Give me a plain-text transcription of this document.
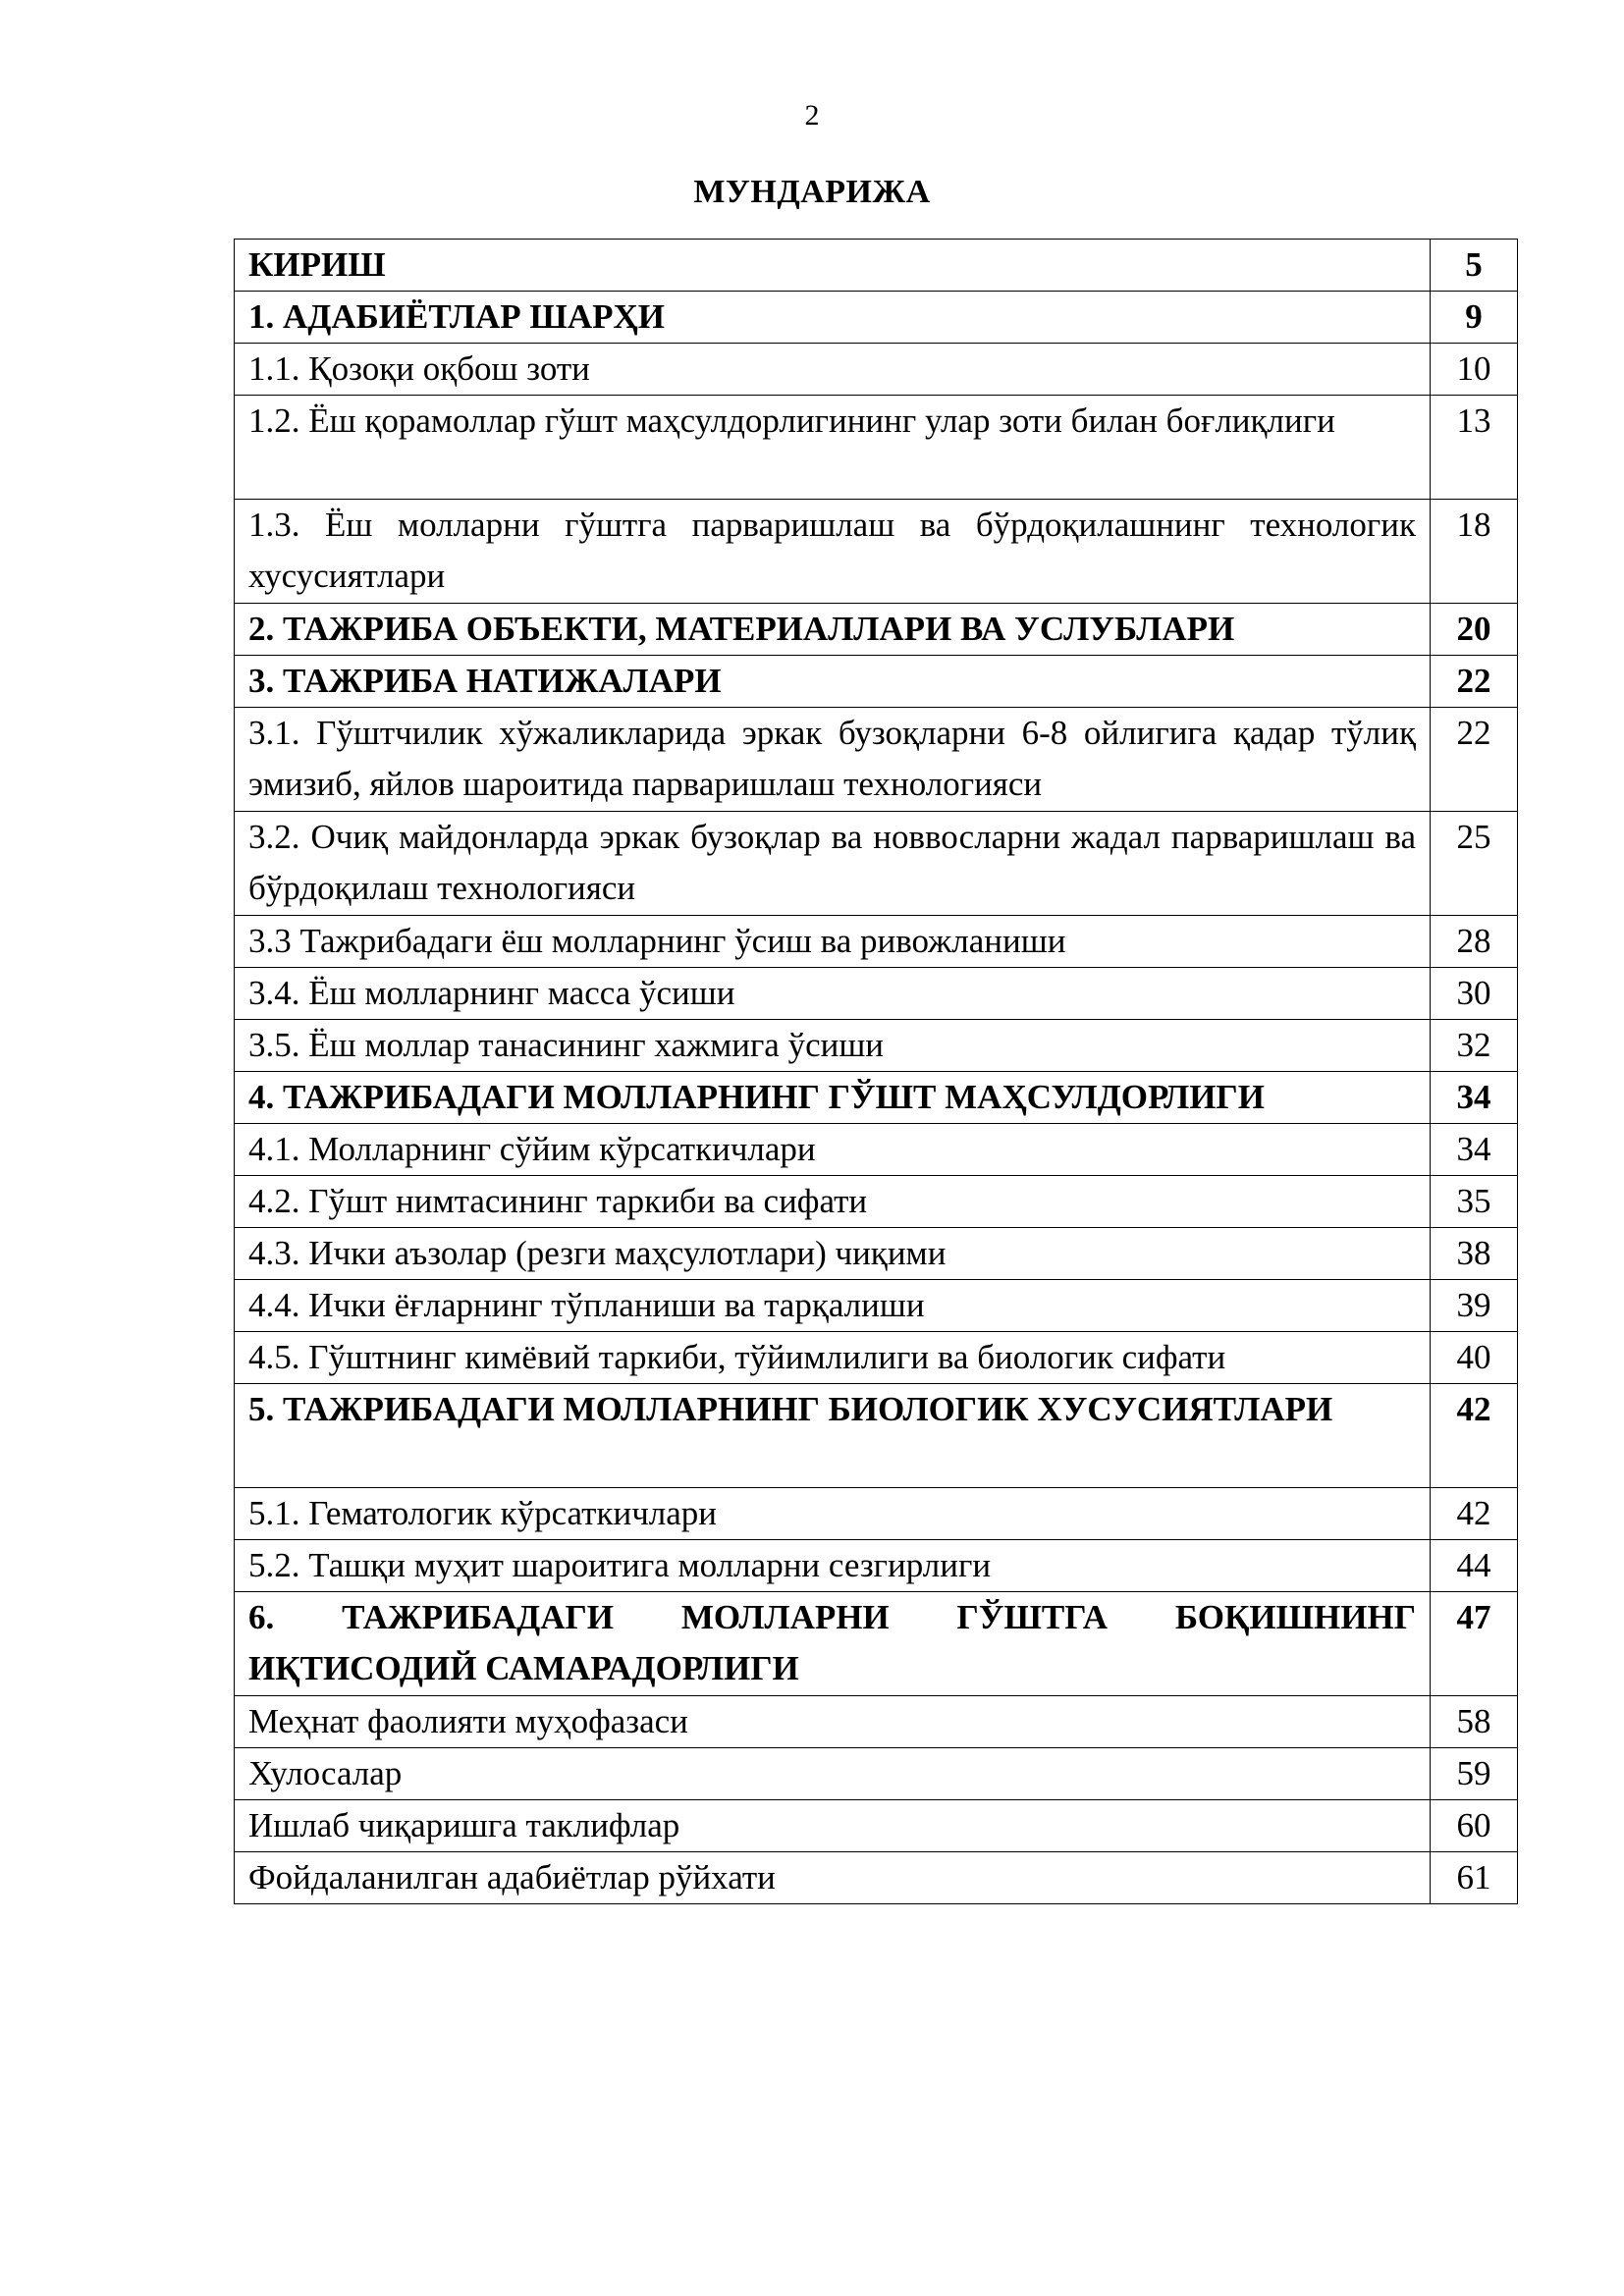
2
МУНДАРИЖА
КИРИШ	5
1. АДАБИЁТЛАР ШАРҲИ	9
1.1. Қозоқи оқбош зоти	10
1.2. Ёш қорамоллар гўшт маҳсулдорлигининг улар зоти билан боғлиқлиги	13
1.3. Ёш молларни гўштга парваришлаш ва бўрдоқилашнинг технологик хусусиятлари	18
2. ТАЖРИБА ОБЪЕКТИ, МАТЕРИАЛЛАРИ ВА УСЛУБЛАРИ	20
3. ТАЖРИБА НАТИЖАЛАРИ	22
3.1. Гўштчилик хўжаликларида эркак бузоқларни 6-8 ойлигига қадар тўлиқ эмизиб, яйлов шароитида парваришлаш технологияси	22
3.2. Очиқ майдонларда эркак бузоқлар ва новвосларни жадал парваришлаш ва бўрдоқилаш технологияси	25
3.3 Тажрибадаги ёш молларнинг ўсиш ва ривожланиши	28
3.4. Ёш молларнинг масса ўсиши	30
3.5. Ёш моллар танасининг хажмига ўсиши	32
4. ТАЖРИБАДАГИ МОЛЛАРНИНГ ГЎШТ МАҲСУЛДОРЛИГИ	34
4.1. Молларнинг сўйим кўрсаткичлари	34
4.2. Гўшт нимтасининг таркиби ва сифати	35
4.3. Ички аъзолар (резги маҳсулотлари) чиқими	38
4.4. Ички ёғларнинг тўпланиши ва тарқалиши	39
4.5. Гўштнинг кимёвий таркиби, тўйимлилиги ва биологик сифати	40
5. ТАЖРИБАДАГИ МОЛЛАРНИНГ БИОЛОГИК ХУСУСИЯТЛАРИ	42
5.1. Гематологик кўрсаткичлари	42
5.2. Ташқи муҳит шароитига молларни сезгирлиги	44
6. ТАЖРИБАДАГИ МОЛЛАРНИ ГЎШТГА БОҚИШНИНГ ИҚТИСОДИЙ САМАРАДОРЛИГИ	47
Меҳнат фаолияти муҳофазаси	58
Хулосалар	59
Ишлаб чиқаришга таклифлар	60
Фойдаланилган адабиётлар рўйхати	61
